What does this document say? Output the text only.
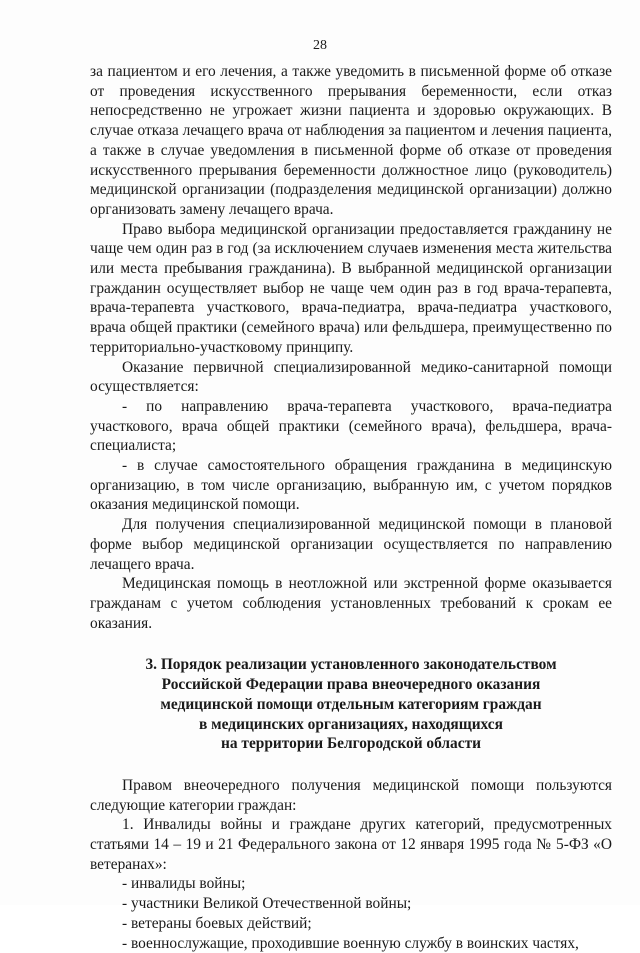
28

за пациентом и его лечения, а также уведомить в письменной форме об отказе от проведения искусственного прерывания беременности, если отказ непосредственно не угрожает жизни пациента и здоровью окружающих. В случае отказа лечащего врача от наблюдения за пациентом и лечения пациента, а также в случае уведомления в письменной форме об отказе от проведения искусственного прерывания беременности должностное лицо (руководитель) медицинской организации (подразделения медицинской организации) должно организовать замену лечащего врача.

Право выбора медицинской организации предоставляется гражданину не чаще чем один раз в год (за исключением случаев изменения места жительства или места пребывания гражданина). В выбранной медицинской организации гражданин осуществляет выбор не чаще чем один раз в год врача-терапевта, врача-терапевта участкового, врача-педиатра, врача-педиатра участкового, врача общей практики (семейного врача) или фельдшера, преимущественно по территориально-участковому принципу.

Оказание первичной специализированной медико-санитарной помощи осуществляется:

- по направлению врача-терапевта участкового, врача-педиатра участкового, врача общей практики (семейного врача), фельдшера, врача-специалиста;

- в случае самостоятельного обращения гражданина в медицинскую организацию, в том числе организацию, выбранную им, с учетом порядков оказания медицинской помощи.

Для получения специализированной медицинской помощи в плановой форме выбор медицинской организации осуществляется по направлению лечащего врача.

Медицинская помощь в неотложной или экстренной форме оказывается гражданам с учетом соблюдения установленных требований к срокам ее оказания.

3. Порядок реализации установленного законодательством
Российской Федерации права внеочередного оказания
медицинской помощи отдельным категориям граждан
в медицинских организациях, находящихся
на территории Белгородской области

Правом внеочередного получения медицинской помощи пользуются следующие категории граждан:

1. Инвалиды войны и граждане других категорий, предусмотренных статьями 14 – 19 и 21 Федерального закона от 12 января 1995 года № 5-ФЗ «О ветеранах»:

- инвалиды войны;

- участники Великой Отечественной войны;

- ветераны боевых действий;

- военнослужащие, проходившие военную службу в воинских частях,
